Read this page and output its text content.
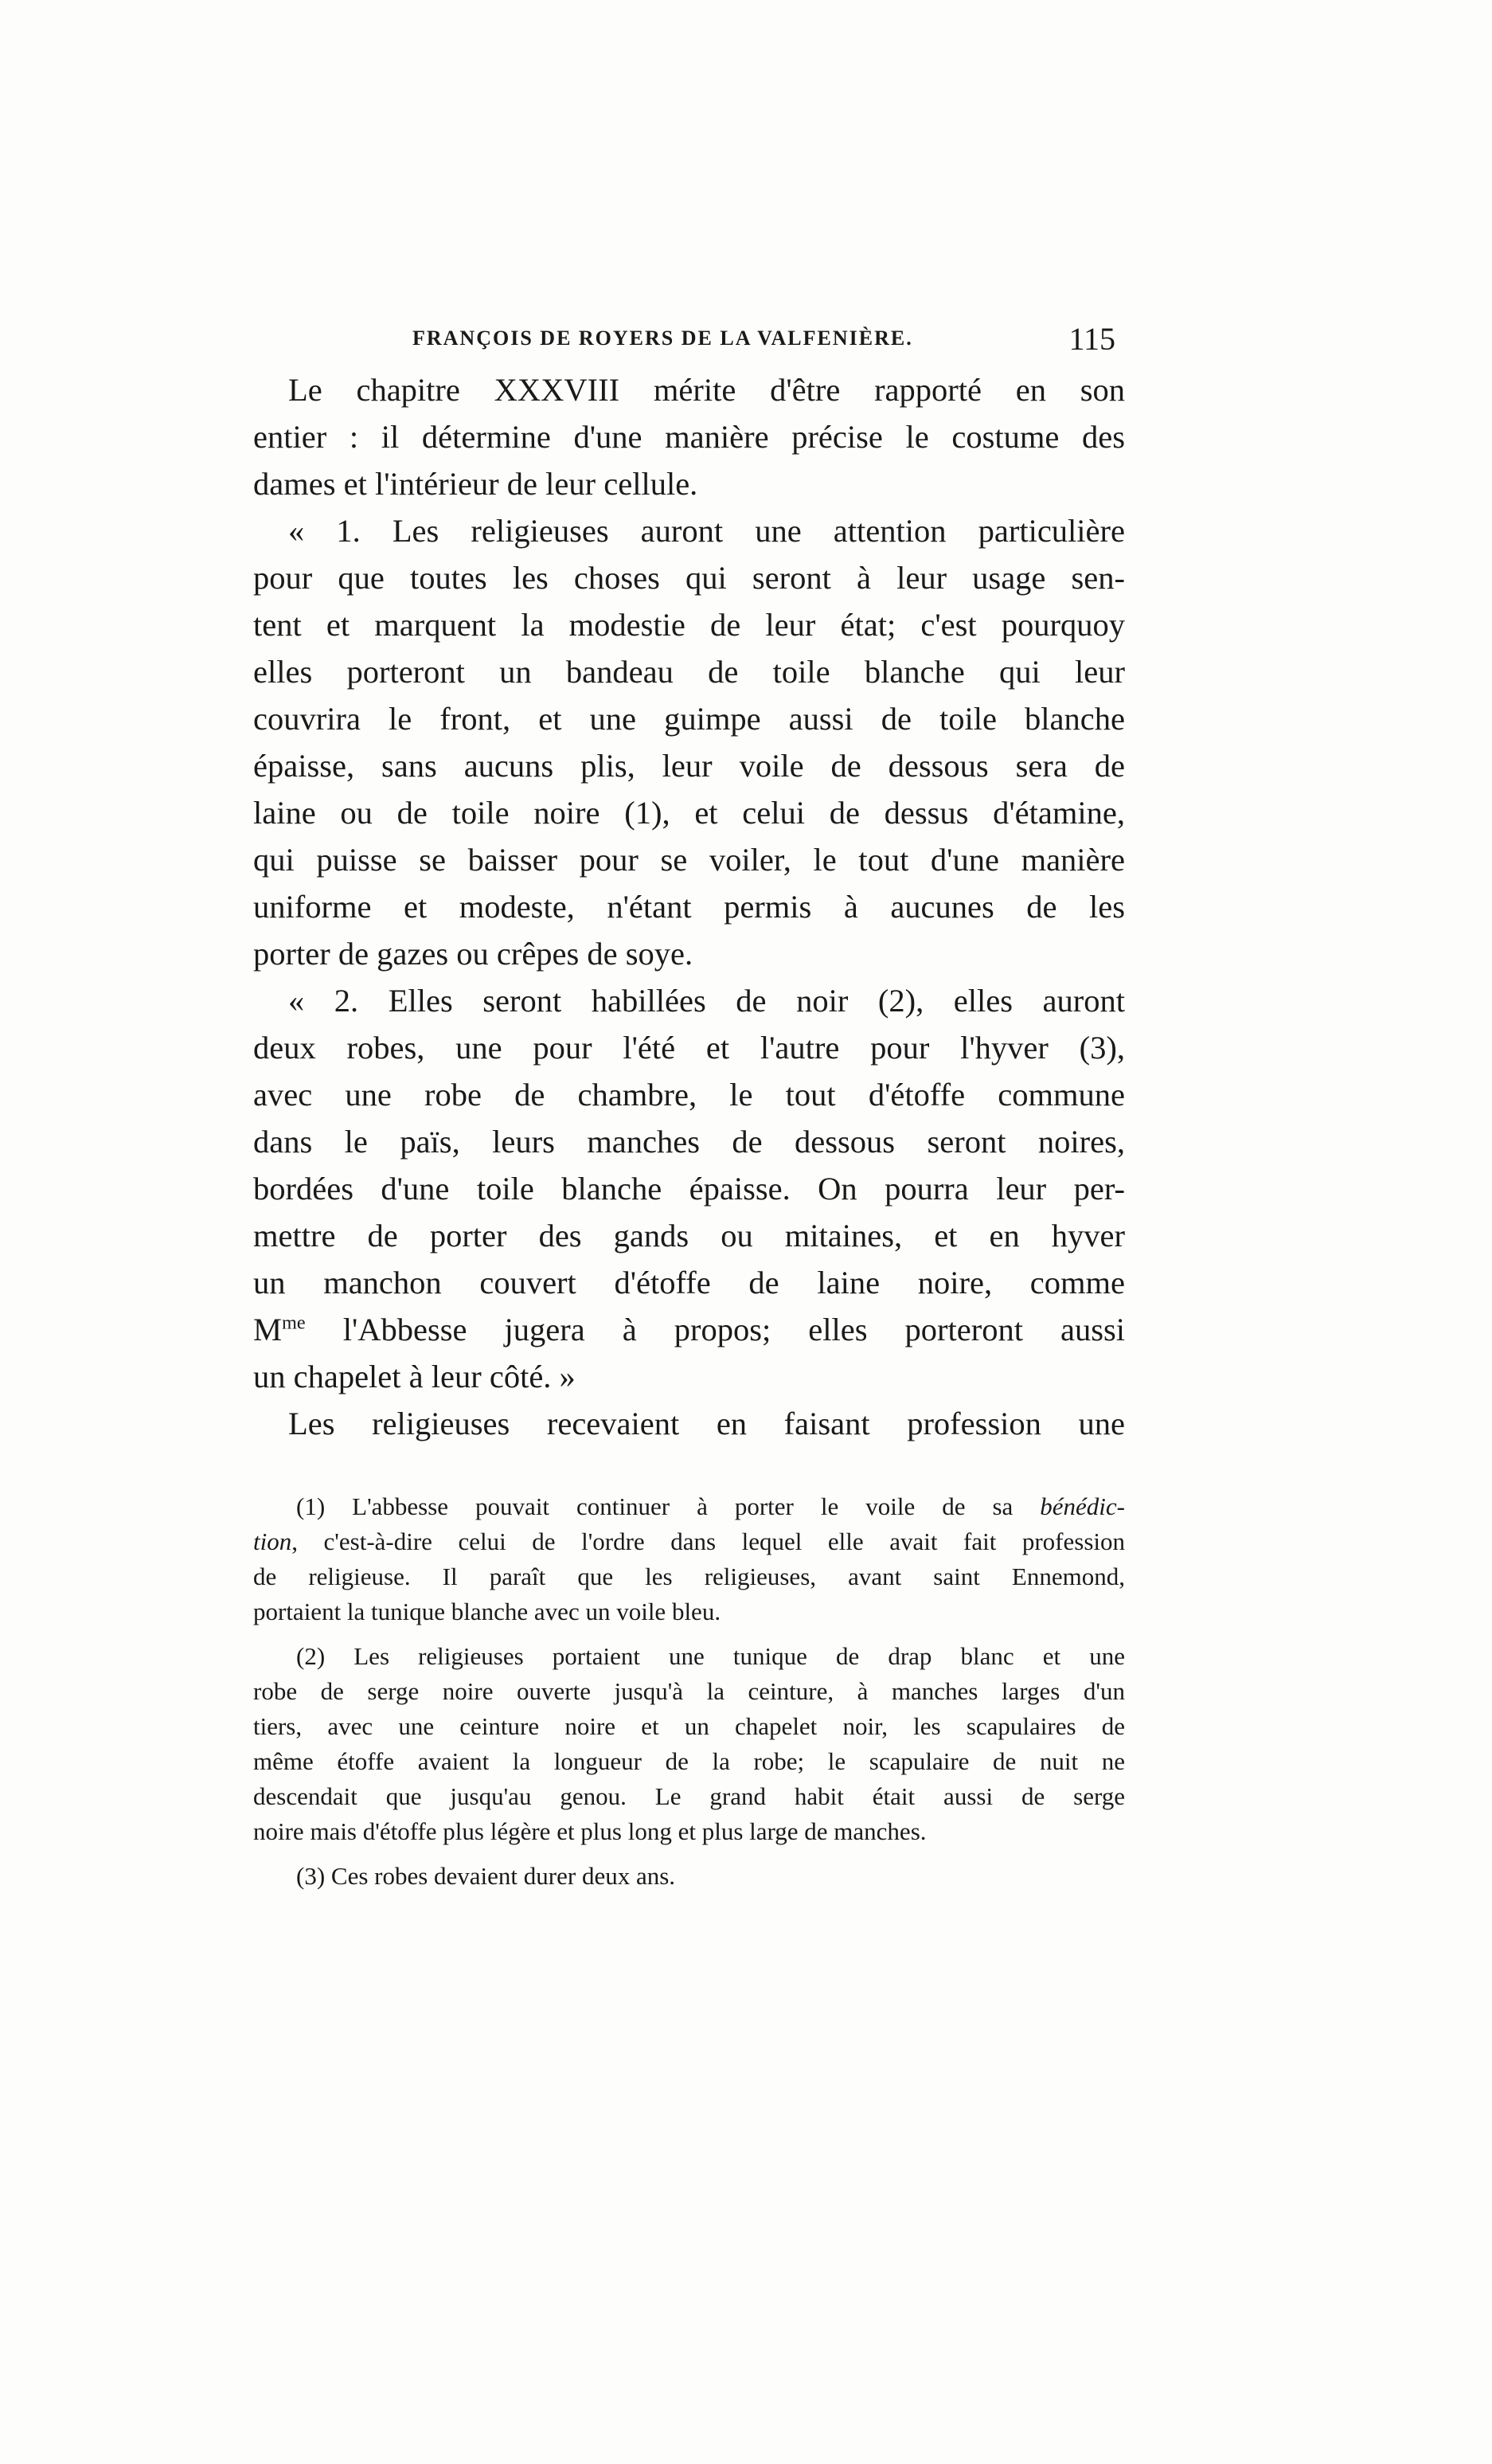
FRANÇOIS DE ROYERS DE LA VALFENIÈRE.	115
Le chapitre XXXVIII mérite d'être rapporté en son
entier : il détermine d'une manière précise le costume des
dames et l'intérieur de leur cellule.
« 1. Les religieuses auront une attention particulière
pour que toutes les choses qui seront à leur usage sen-
tent et marquent la modestie de leur état; c'est pourquoy
elles porteront un bandeau de toile blanche qui leur
couvrira le front, et une guimpe aussi de toile blanche
épaisse, sans aucuns plis, leur voile de dessous sera de
laine ou de toile noire (1), et celui de dessus d'étamine,
qui puisse se baisser pour se voiler, le tout d'une manière
uniforme et modeste, n'étant permis à aucunes de les
porter de gazes ou crêpes de soye.
« 2. Elles seront habillées de noir (2), elles auront
deux robes, une pour l'été et l'autre pour l'hyver (3),
avec une robe de chambre, le tout d'étoffe commune
dans le païs, leurs manches de dessous seront noires,
bordées d'une toile blanche épaisse. On pourra leur per-
mettre de porter des gands ou mitaines, et en hyver
un manchon couvert d'étoffe de laine noire, comme
$M^{me}$ l'Abbesse jugera à propos; elles porteront aussi
un chapelet à leur côté. »
Les religieuses recevaient en faisant profession une
(1) L'abbesse pouvait continuer à porter le voile de sa bénédic-
tion, c'est-à-dire celui de l'ordre dans lequel elle avait fait profession
de religieuse. Il paraît que les religieuses, avant saint Ennemond,
portaient la tunique blanche avec un voile bleu.
(2) Les religieuses portaient une tunique de drap blanc et une
robe de serge noire ouverte jusqu'à la ceinture, à manches larges d'un
tiers, avec une ceinture noire et un chapelet noir, les scapulaires de
même étoffe avaient la longueur de la robe; le scapulaire de nuit ne
descendait que jusqu'au genou. Le grand habit était aussi de serge
noire mais d'étoffe plus légère et plus long et plus large de manches.
(3) Ces robes devaient durer deux ans.
